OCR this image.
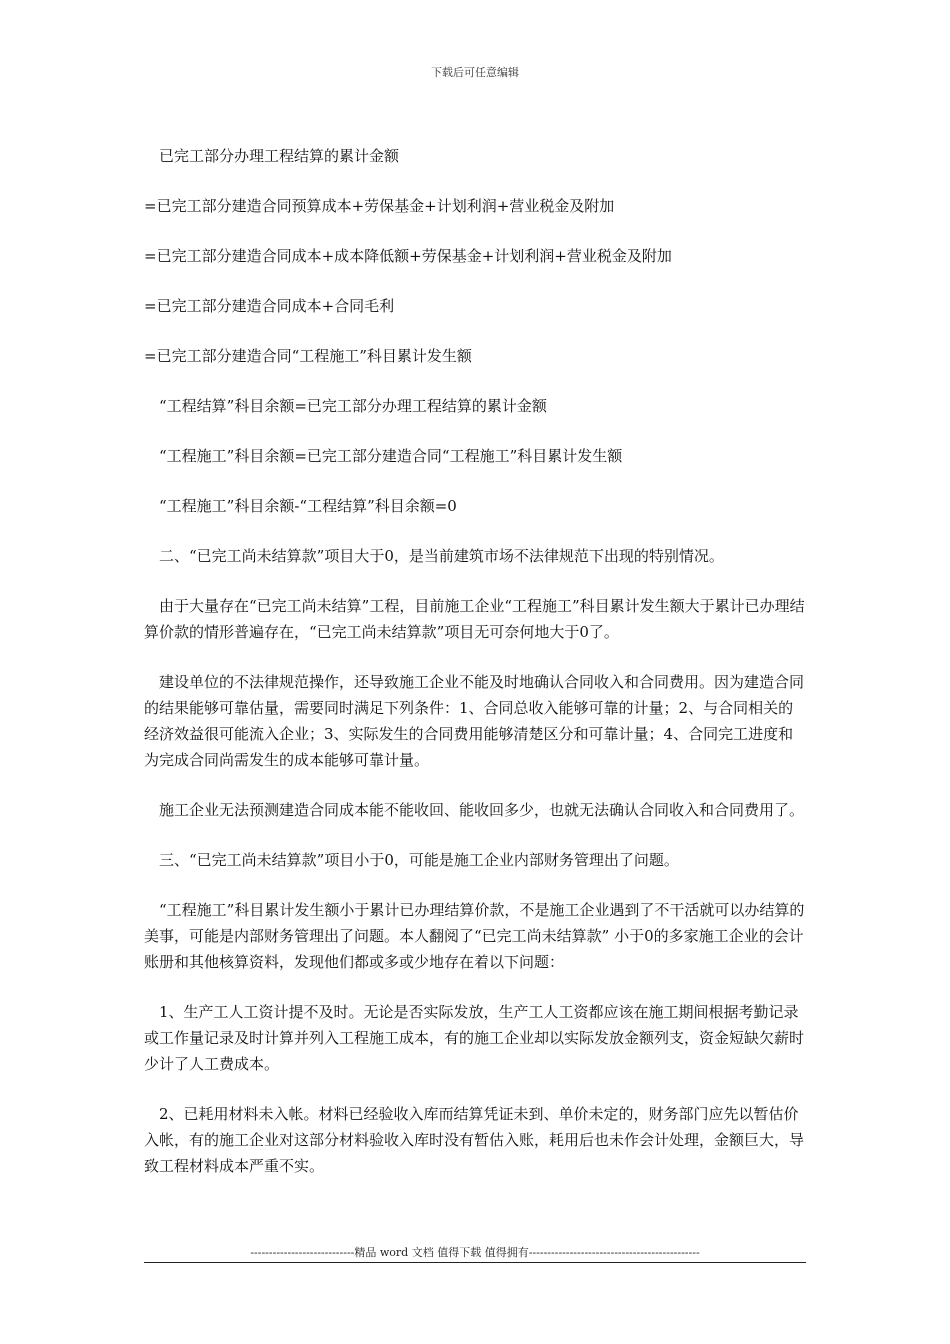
下载后可任意编辑

　已完工部分办理工程结算的累计金额

=已完工部分建造合同预算成本+劳保基金+计划利润+营业税金及附加

=已完工部分建造合同成本+成本降低额+劳保基金+计划利润+营业税金及附加

=已完工部分建造合同成本+合同毛利

=已完工部分建造合同“工程施工”科目累计发生额

　“工程结算”科目余额=已完工部分办理工程结算的累计金额

　“工程施工”科目余额=已完工部分建造合同“工程施工”科目累计发生额

　“工程施工”科目余额-“工程结算”科目余额=0

　二、“已完工尚未结算款”项目大于0，是当前建筑市场不法律规范下出现的特别情况。

　由于大量存在“已完工尚未结算”工程，目前施工企业“工程施工”科目累计发生额大于累计已办理结算价款的情形普遍存在，“已完工尚未结算款”项目无可奈何地大于0了。

　建设单位的不法律规范操作，还导致施工企业不能及时地确认合同收入和合同费用。因为建造合同的结果能够可靠估量，需要同时满足下列条件：1、合同总收入能够可靠的计量；2、与合同相关的经济效益很可能流入企业；3、实际发生的合同费用能够清楚区分和可靠计量；4、合同完工进度和为完成合同尚需发生的成本能够可靠计量。

　施工企业无法预测建造合同成本能不能收回、能收回多少，也就无法确认合同收入和合同费用了。

　三、“已完工尚未结算款”项目小于0，可能是施工企业内部财务管理出了问题。

　“工程施工”科目累计发生额小于累计已办理结算价款，不是施工企业遇到了不干活就可以办结算的美事，可能是内部财务管理出了问题。本人翻阅了“已完工尚未结算款” 小于0的多家施工企业的会计账册和其他核算资料，发现他们都或多或少地存在着以下问题：

　1、生产工人工资计提不及时。无论是否实际发放，生产工人工资都应该在施工期间根据考勤记录或工作量记录及时计算并列入工程施工成本，有的施工企业却以实际发放金额列支，资金短缺欠薪时少计了人工费成本。

　2、已耗用材料未入帐。材料已经验收入库而结算凭证未到、单价未定的，财务部门应先以暂估价入帐，有的施工企业对这部分材料验收入库时没有暂估入账，耗用后也未作会计处理，金额巨大，导致工程材料成本严重不实。

----------------------------精品 word 文档 值得下载 值得拥有----------------------------------------------
